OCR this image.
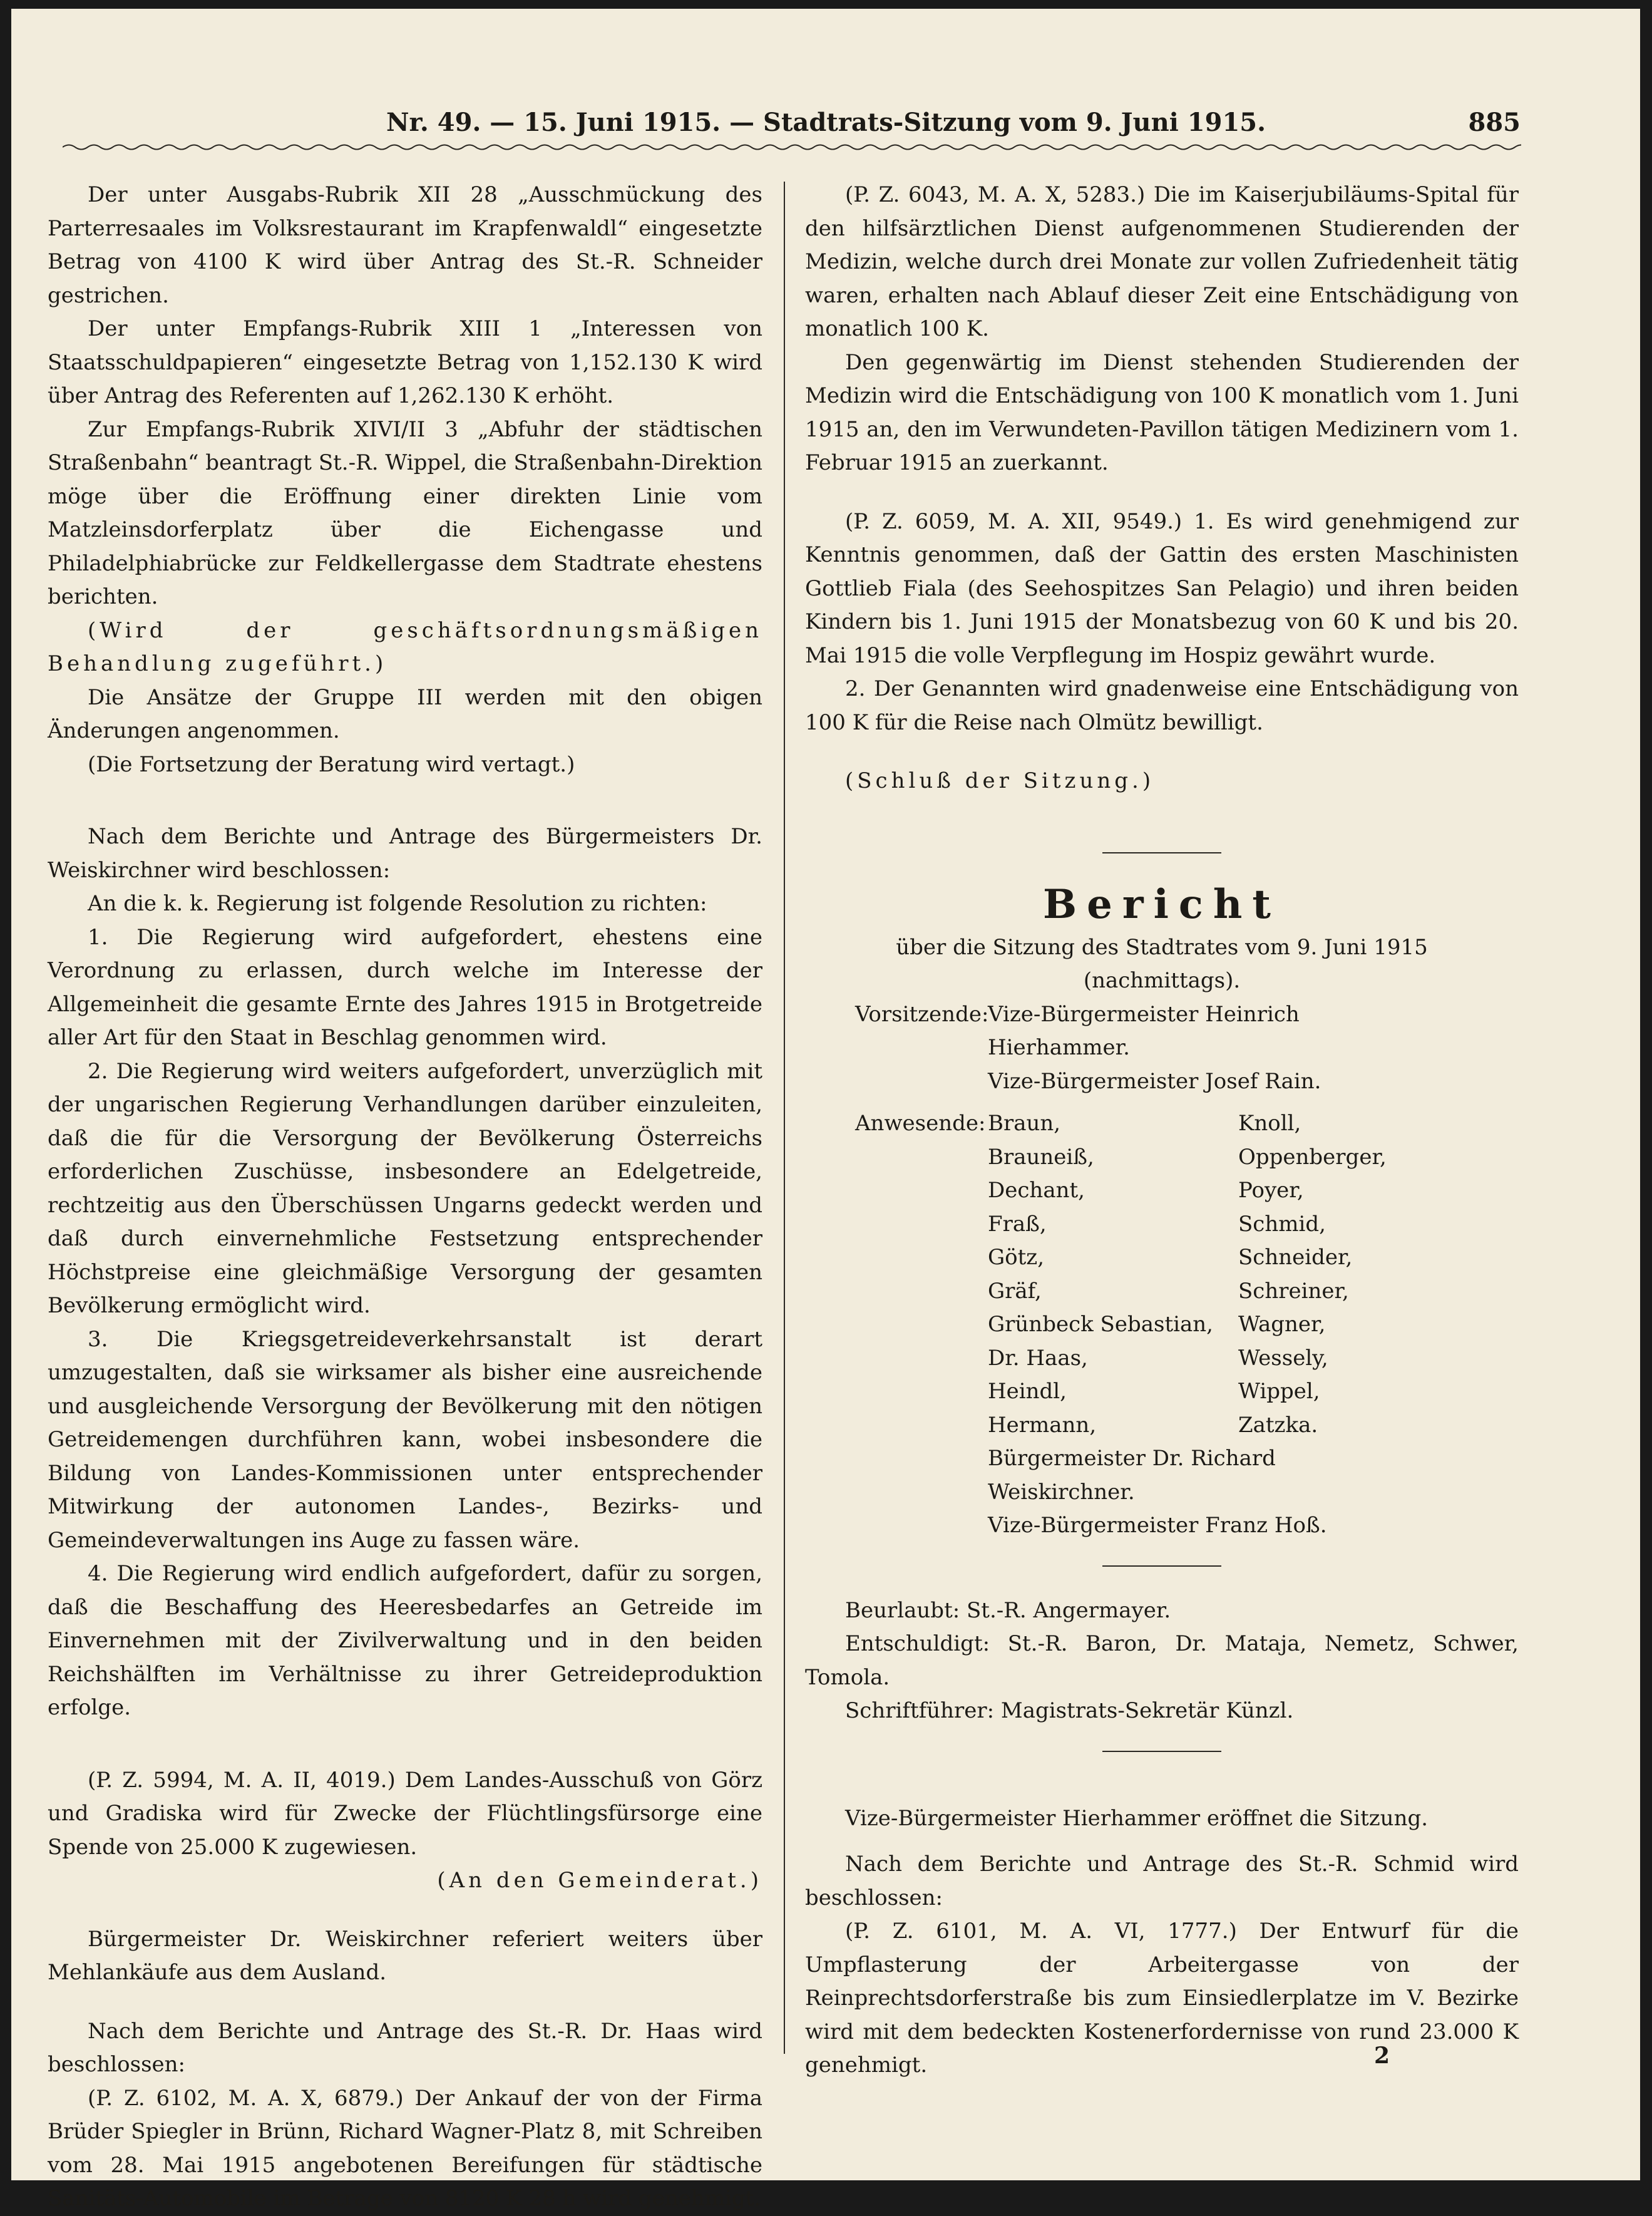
Nr. 49. — 15. Juni 1915. — Stadtrats-Sitzung vom 9. Juni 1915.	885

Der unter Ausgabs-Rubrik XII 28 „Ausschmückung des Parterresaales im Volksrestaurant im Krapfenwaldl“ eingesetzte Betrag von 4100 K wird über Antrag des St.-R. Schneider gestrichen.

Der unter Empfangs-Rubrik XIII 1 „Interessen von Staatsschuldpapieren“ eingesetzte Betrag von 1,152.130 K wird über Antrag des Referenten auf 1,262.130 K erhöht.

Zur Empfangs-Rubrik XIVI/II 3 „Abfuhr der städtischen Straßenbahn“ beantragt St.-R. Wippel, die Straßenbahn-Direktion möge über die Eröffnung einer direkten Linie vom Matzleinsdorferplatz über die Eichengasse und Philadelphiabrücke zur Feldkellergasse dem Stadtrate ehestens berichten.

(Wird der geschäftsordnungsmäßigen Behandlung zugeführt.)

Die Ansätze der Gruppe III werden mit den obigen Änderungen angenommen.

(Die Fortsetzung der Beratung wird vertagt.)

Nach dem Berichte und Antrage des Bürgermeisters Dr. Weiskirchner wird beschlossen:

An die k. k. Regierung ist folgende Resolution zu richten:

1. Die Regierung wird aufgefordert, ehestens eine Verordnung zu erlassen, durch welche im Interesse der Allgemeinheit die gesamte Ernte des Jahres 1915 in Brotgetreide aller Art für den Staat in Beschlag genommen wird.

2. Die Regierung wird weiters aufgefordert, unverzüglich mit der ungarischen Regierung Verhandlungen darüber einzuleiten, daß die für die Versorgung der Bevölkerung Österreichs erforderlichen Zuschüsse, insbesondere an Edelgetreide, rechtzeitig aus den Überschüssen Ungarns gedeckt werden und daß durch einvernehmliche Festsetzung entsprechender Höchstpreise eine gleichmäßige Versorgung der gesamten Bevölkerung ermöglicht wird.

3. Die Kriegsgetreideverkehrsanstalt ist derart umzugestalten, daß sie wirksamer als bisher eine ausreichende und ausgleichende Versorgung der Bevölkerung mit den nötigen Getreidemengen durchführen kann, wobei insbesondere die Bildung von Landes-Kommissionen unter entsprechender Mitwirkung der autonomen Landes-, Bezirks- und Gemeindeverwaltungen ins Auge zu fassen wäre.

4. Die Regierung wird endlich aufgefordert, dafür zu sorgen, daß die Beschaffung des Heeresbedarfes an Getreide im Einvernehmen mit der Zivilverwaltung und in den beiden Reichshälften im Verhältnisse zu ihrer Getreideproduktion erfolge.

(P. Z. 5994, M. A. II, 4019.) Dem Landes-Ausschuß von Görz und Gradiska wird für Zwecke der Flüchtlingsfürsorge eine Spende von 25.000 K zugewiesen.

(An den Gemeinderat.)

Bürgermeister Dr. Weiskirchner referiert weiters über Mehlankäufe aus dem Ausland.

Nach dem Berichte und Antrage des St.-R. Dr. Haas wird beschlossen:

(P. Z. 6102, M. A. X, 6879.) Der Ankauf der von der Firma Brüder Spiegler in Brünn, Richard Wagner-Platz 8, mit Schreiben vom 28. Mai 1915 angebotenen Bereifungen für städtische Sanitäts-Automobile im Betrage von 8120 K 28 h wird genehmigt.

(P. Z. 6043, M. A. X, 5283.) Die im Kaiserjubiläums-Spital für den hilfsärztlichen Dienst aufgenommenen Studierenden der Medizin, welche durch drei Monate zur vollen Zufriedenheit tätig waren, erhalten nach Ablauf dieser Zeit eine Entschädigung von monatlich 100 K.

Den gegenwärtig im Dienst stehenden Studierenden der Medizin wird die Entschädigung von 100 K monatlich vom 1. Juni 1915 an, den im Verwundeten-Pavillon tätigen Medizinern vom 1. Februar 1915 an zuerkannt.

(P. Z. 6059, M. A. XII, 9549.) 1. Es wird genehmigend zur Kenntnis genommen, daß der Gattin des ersten Maschinisten Gottlieb Fiala (des Seehospitzes San Pelagio) und ihren beiden Kindern bis 1. Juni 1915 der Monatsbezug von 60 K und bis 20. Mai 1915 die volle Verpflegung im Hospiz gewährt wurde.

2. Der Genannten wird gnadenweise eine Entschädigung von 100 K für die Reise nach Olmütz bewilligt.

(Schluß der Sitzung.)

Bericht

über die Sitzung des Stadtrates vom 9. Juni 1915

(nachmittags).

Vorsitzende:
Vize-Bürgermeister Heinrich Hierhammer.
Vize-Bürgermeister Josef Rain.
Anwesende: Braun,	Knoll,
Brauneiß,	Oppenberger,
Dechant,	Poyer,
Fraß,	Schmid,
Götz,	Schneider,
Gräf,	Schreiner,
Grünbeck Sebastian,	Wagner,
Dr. Haas,	Wessely,
Heindl,	Wippel,
Hermann,	Zatzka.
Bürgermeister Dr. Richard Weiskirchner.
Vize-Bürgermeister Franz Hoß.

Beurlaubt: St.-R. Angermayer.

Entschuldigt: St.-R. Baron, Dr. Mataja, Nemetz, Schwer, Tomola.

Schriftführer: Magistrats-Sekretär Künzl.

Vize-Bürgermeister Hierhammer eröffnet die Sitzung.

Nach dem Berichte und Antrage des St.-R. Schmid wird beschlossen:

(P. Z. 6101, M. A. VI, 1777.) Der Entwurf für die Umpflasterung der Arbeitergasse von der Reinprechtsdorferstraße bis zum Einsiedlerplatze im V. Bezirke wird mit dem bedeckten Kostenerfordernisse von rund 23.000 K genehmigt.	2
